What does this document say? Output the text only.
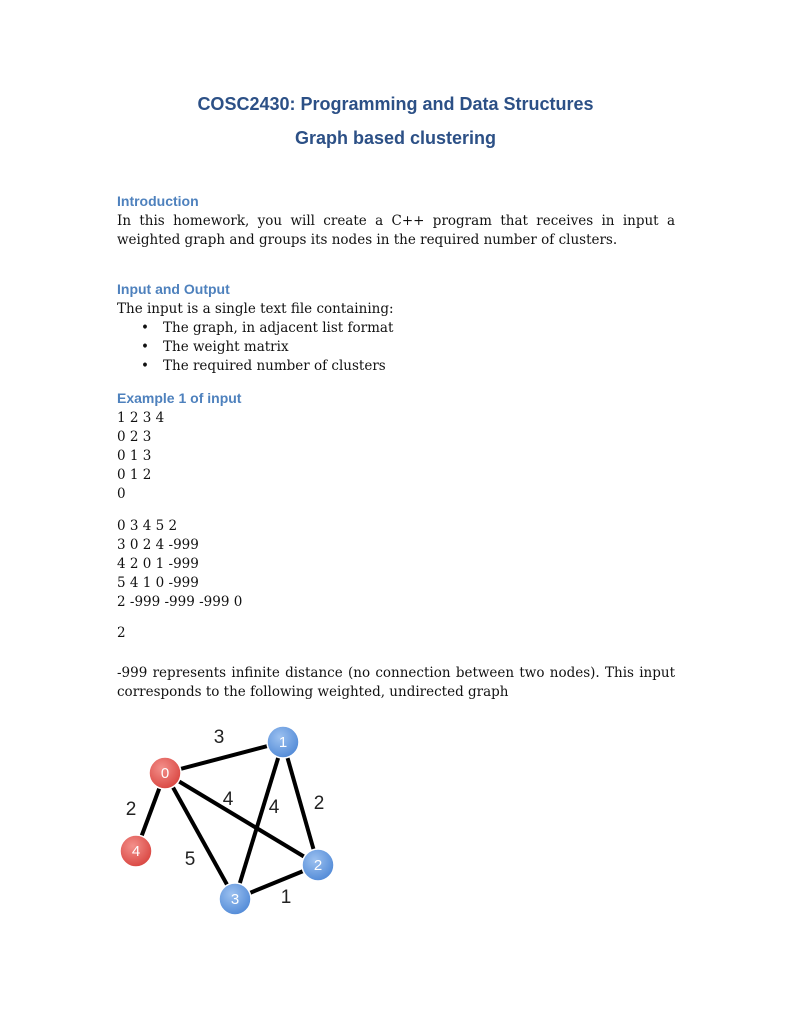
COSC2430: Programming and Data Structures
Graph based clustering
Introduction
In this homework, you will create a C++ program that receives in input a weighted graph and groups its nodes in the required number of clusters.
Input and Output
The input is a single text file containing:
•	The graph, in adjacent list format
•	The weight matrix
•	The required number of clusters
Example 1 of input
1 2 3 4
0 2 3
0 1 3
0 1 2
0
0 3 4 5 2
3 0 2 4 -999
4 2 0 1 -999
5 4 1 0 -999
2 -999 -999 -999 0
2
-999 represents infinite distance (no connection between two nodes). This input corresponds to the following weighted, undirected graph
3
4
5
2	2
4
1
0
1
2
3
4
